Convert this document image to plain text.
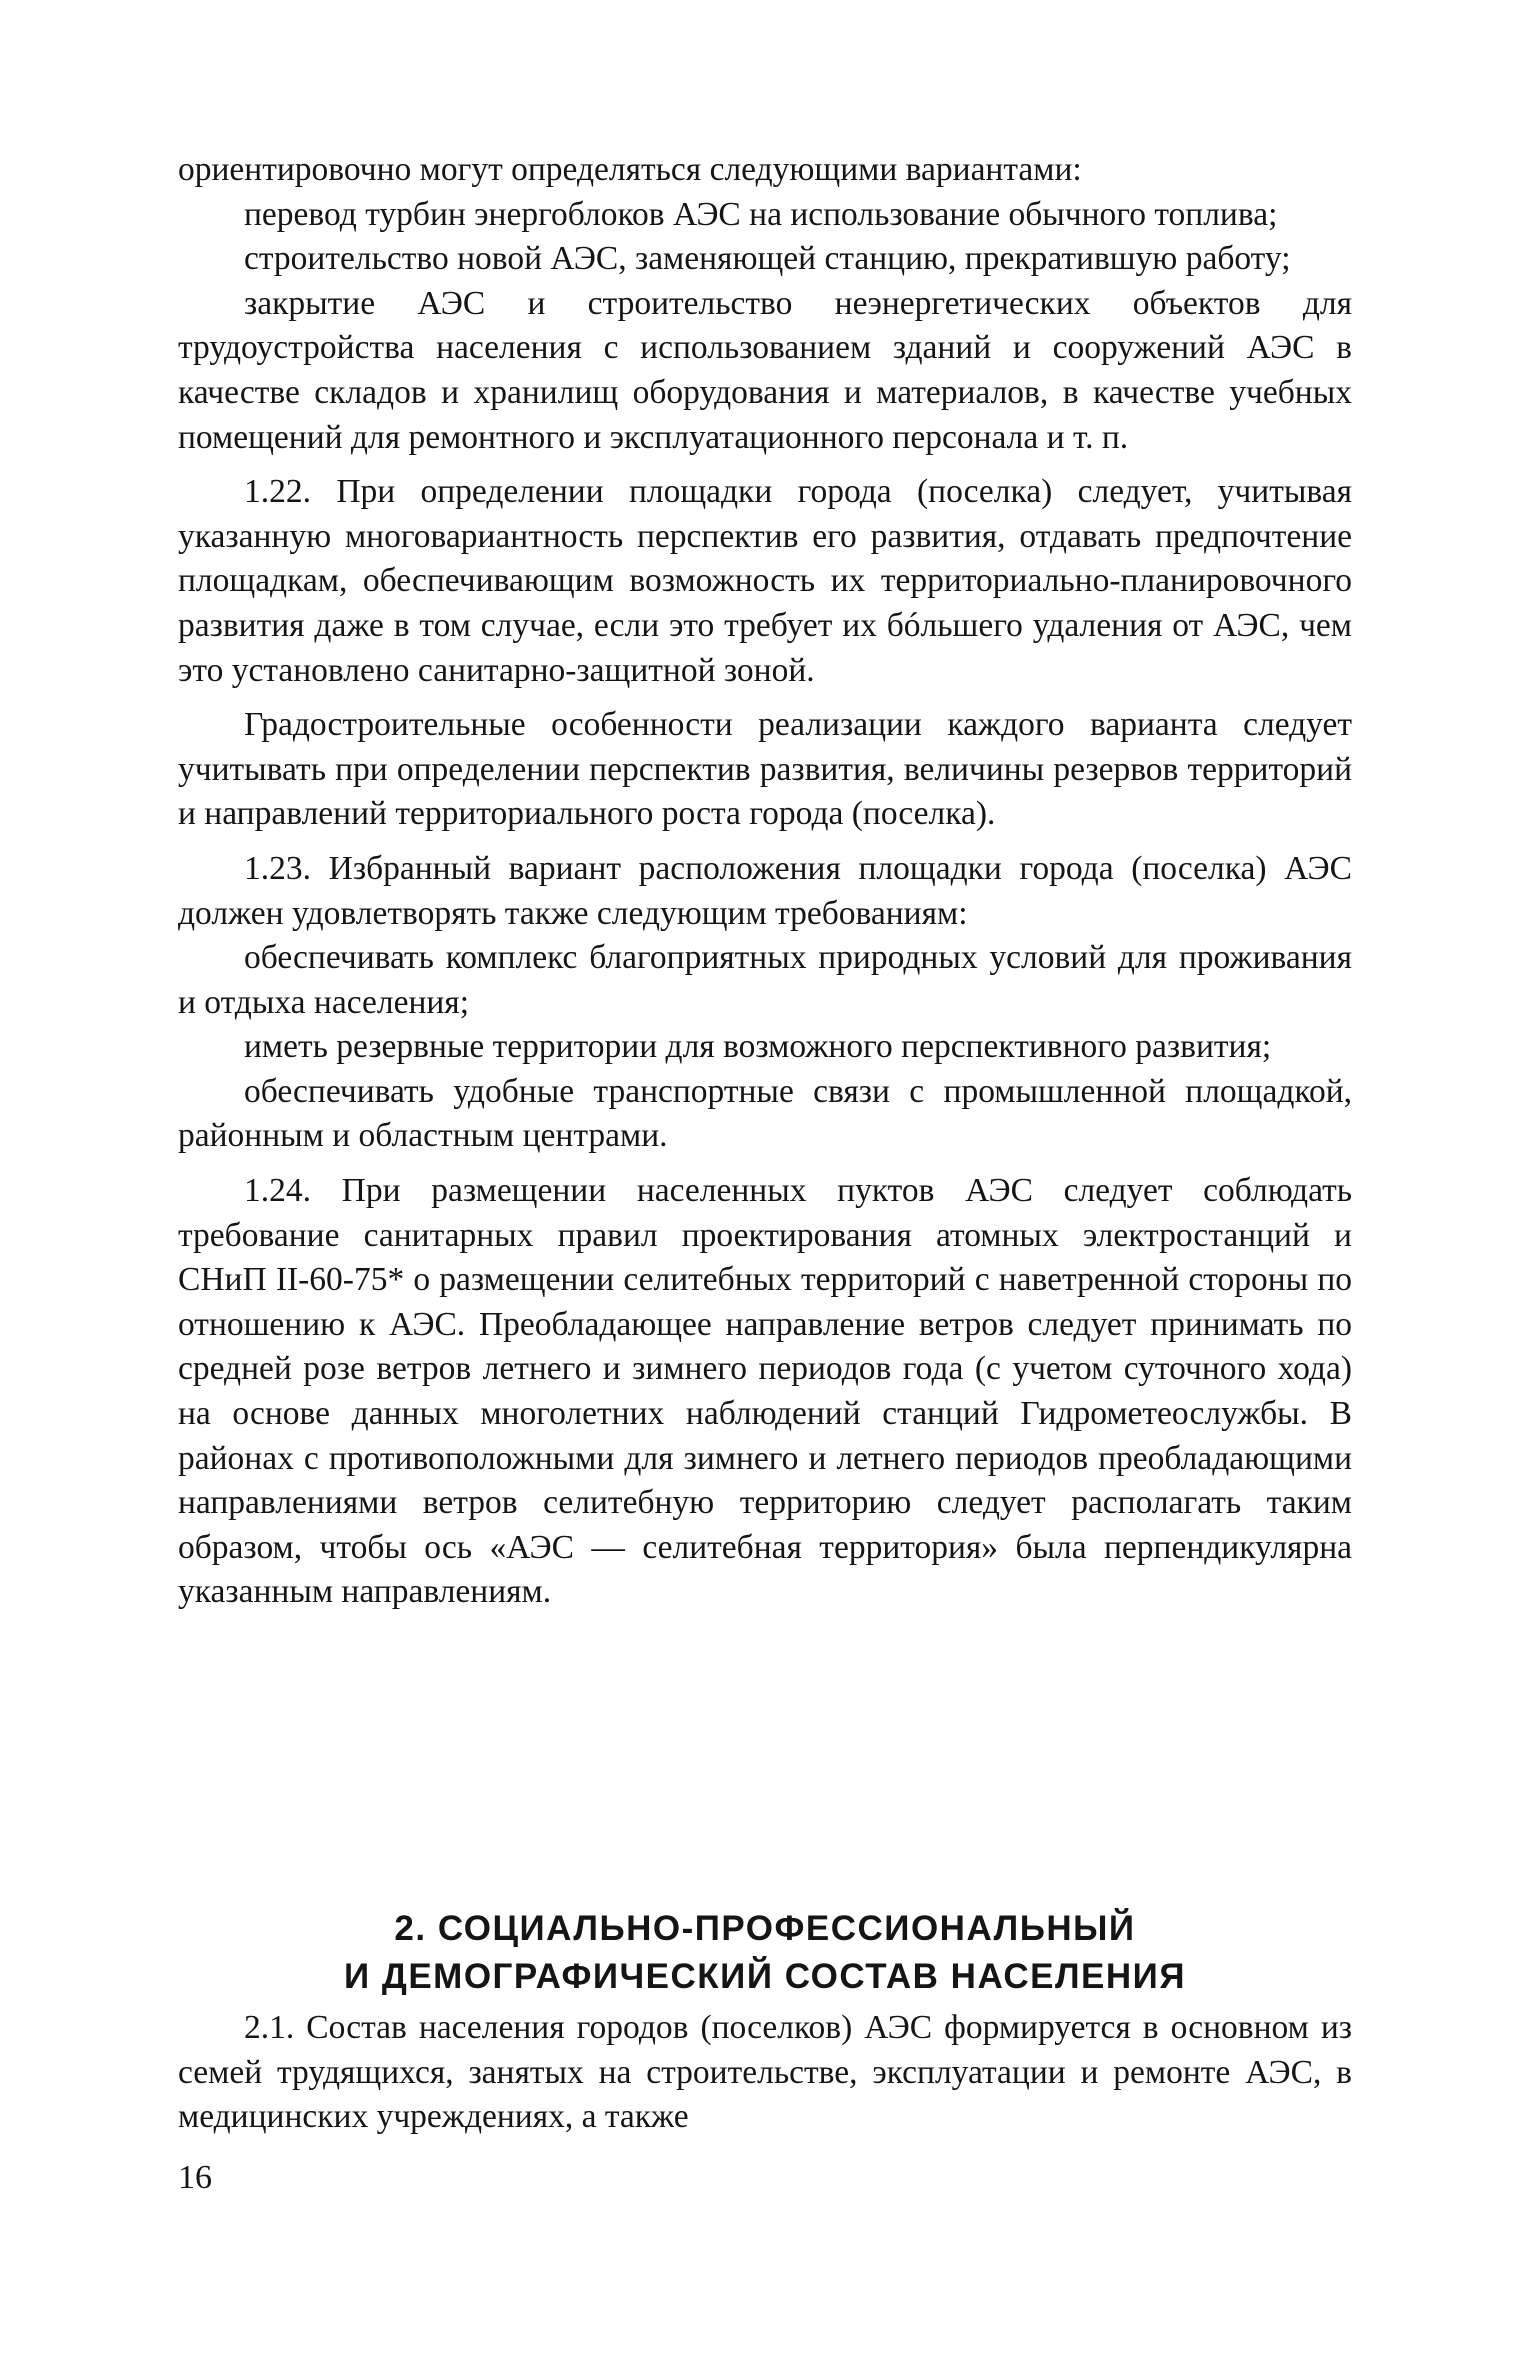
ориентировочно могут определяться следующими вариантами:

перевод турбин энергоблоков АЭС на использование обычного топлива;

строительство новой АЭС, заменяющей станцию, прекратившую работу;

закрытие АЭС и строительство неэнергетических объектов для трудоустройства населения с использованием зданий и сооружений АЭС в качестве складов и хранилищ оборудования и материалов, в качестве учебных помещений для ремонтного и эксплуатационного персонала и т. п.

1.22. При определении площадки города (поселка) следует, учитывая указанную многовариантность перспектив его развития, отдавать предпочтение площадкам, обеспечивающим возможность их территориально-планировочного развития даже в том случае, если это требует их бóльшего удаления от АЭС, чем это установлено санитарно-защитной зоной.

Градостроительные особенности реализации каждого варианта следует учитывать при определении перспектив развития, величины резервов территорий и направлений территориального роста города (поселка).

1.23. Избранный вариант расположения площадки города (поселка) АЭС должен удовлетворять также следующим требованиям:

обеспечивать комплекс благоприятных природных условий для проживания и отдыха населения;

иметь резервные территории для возможного перспективного развития;

обеспечивать удобные транспортные связи с промышленной площадкой, районным и областным центрами.

1.24. При размещении населенных пуктов АЭС следует соблюдать требование санитарных правил проектирования атомных электростанций и СНиП II-60-75* о размещении селитебных территорий с наветренной стороны по отношению к АЭС. Преобладающее направление ветров следует принимать по средней розе ветров летнего и зимнего периодов года (с учетом суточного хода) на основе данных многолетних наблюдений станций Гидрометеослужбы. В районах с противоположными для зимнего и летнего периодов преобладающими направлениями ветров селитебную территорию следует располагать таким образом, чтобы ось «АЭС — селитебная территория» была перпендикулярна указанным направлениям.

2. СОЦИАЛЬНО-ПРОФЕССИОНАЛЬНЫЙ
И ДЕМОГРАФИЧЕСКИЙ СОСТАВ НАСЕЛЕНИЯ

2.1. Состав населения городов (поселков) АЭС формируется в основном из семей трудящихся, занятых на строительстве, эксплуатации и ремонте АЭС, в медицинских учреждениях, а также

16
